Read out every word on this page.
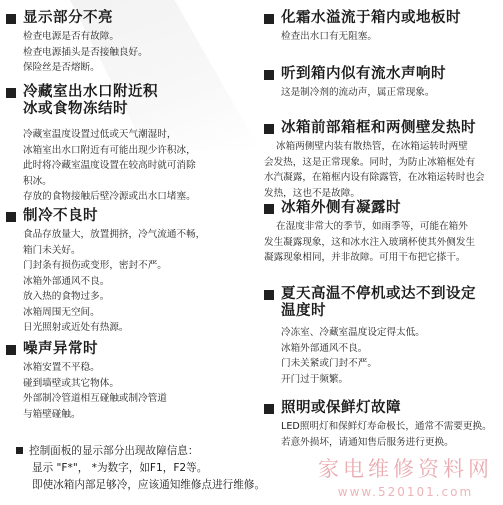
显示部分不亮
检查电源是否有故障。
检查电源插头是否接触良好。
保险丝是否熔断。
冷藏室出水口附近积
冰或食物冻结时
冷藏室温度设置过低或天气潮湿时，
冰箱室出水口附近有可能出现少许积冰，
此时将冷藏室温度设置在较高时就可消除
积冰。
存放的食物接触后壁冷源或出水口堵塞。
制冷不良时
食品存放量大，放置拥挤，冷气流通不畅，
箱门未关好。
门封条有损伤或变形，密封不严。
冰箱外部通风不良。
放入热的食物过多。
冰箱周围无空间。
日光照射或近处有热源。
噪声异常时
冰箱安置不平稳。
碰到墙壁或其它物体。
外部制冷管道相互碰触或制冷管道
与箱壁碰触。
化霜水溢流于箱内或地板时
检查出水口有无阻塞。
听到箱内似有流水声响时
这是制冷剂的流动声，属正常现象。
冰箱前部箱框和两侧壁发热时
冰箱两侧壁内装有散热管，在冰箱运转时两壁
会发热，这是正常现象。同时，为防止冰箱框处有
水汽凝露，在箱框内设有除露管，在冰箱运转时也会
发热，这也不是故障。
冰箱外侧有凝露时
在湿度非常大的季节，如雨季等，可能在箱外
发生凝露现象，这和冰水注入玻璃杯使其外侧发生
凝露现象相同，并非故障。可用干布把它搽干。
夏天高温不停机或达不到设定
温度时
冷冻室、冷藏室温度设定得太低。
冰箱外部通风不良。
门未关紧或门封不严。
开门过于频繁。
照明或保鲜灯故障
LED照明灯和保鲜灯寿命极长，通常不需要更换。
若意外损坏，请通知售后服务进行更换。
控制面板的显示部分出现故障信息：
显示 "F*"， *为数字，如F1，F2等。
即使冰箱内部足够冷，应该通知维修点进行维修。
家电维修资料网
www.520101.com
